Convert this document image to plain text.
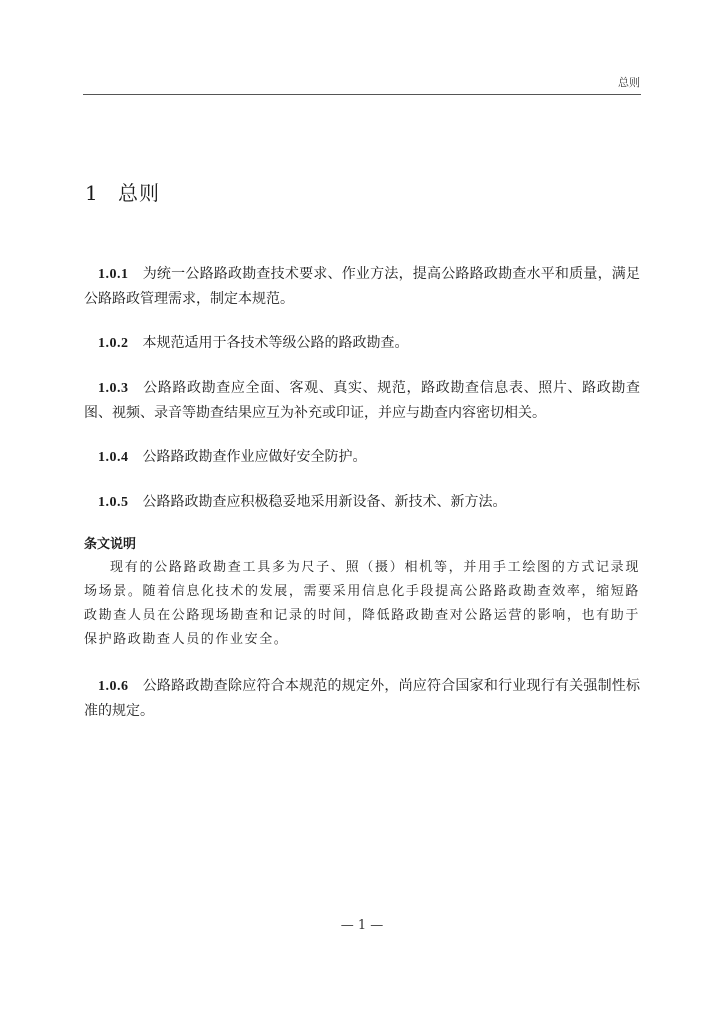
总则
1 总则

1.0.1 为统一公路路政勘查技术要求、作业方法，提高公路路政勘查水平和质量，满足公路路政管理需求，制定本规范。

1.0.2 本规范适用于各技术等级公路的路政勘查。

1.0.3 公路路政勘查应全面、客观、真实、规范，路政勘查信息表、照片、路政勘查图、视频、录音等勘查结果应互为补充或印证，并应与勘查内容密切相关。

1.0.4 公路路政勘查作业应做好安全防护。

1.0.5 公路路政勘查应积极稳妥地采用新设备、新技术、新方法。

条文说明

现有的公路路政勘查工具多为尺子、照（摄）相机等，并用手工绘图的方式记录现场场景。随着信息化技术的发展，需要采用信息化手段提高公路路政勘查效率，缩短路政勘查人员在公路现场勘查和记录的时间，降低路政勘查对公路运营的影响，也有助于保护路政勘查人员的作业安全。

1.0.6 公路路政勘查除应符合本规范的规定外，尚应符合国家和行业现行有关强制性标准的规定。

— 1 —
